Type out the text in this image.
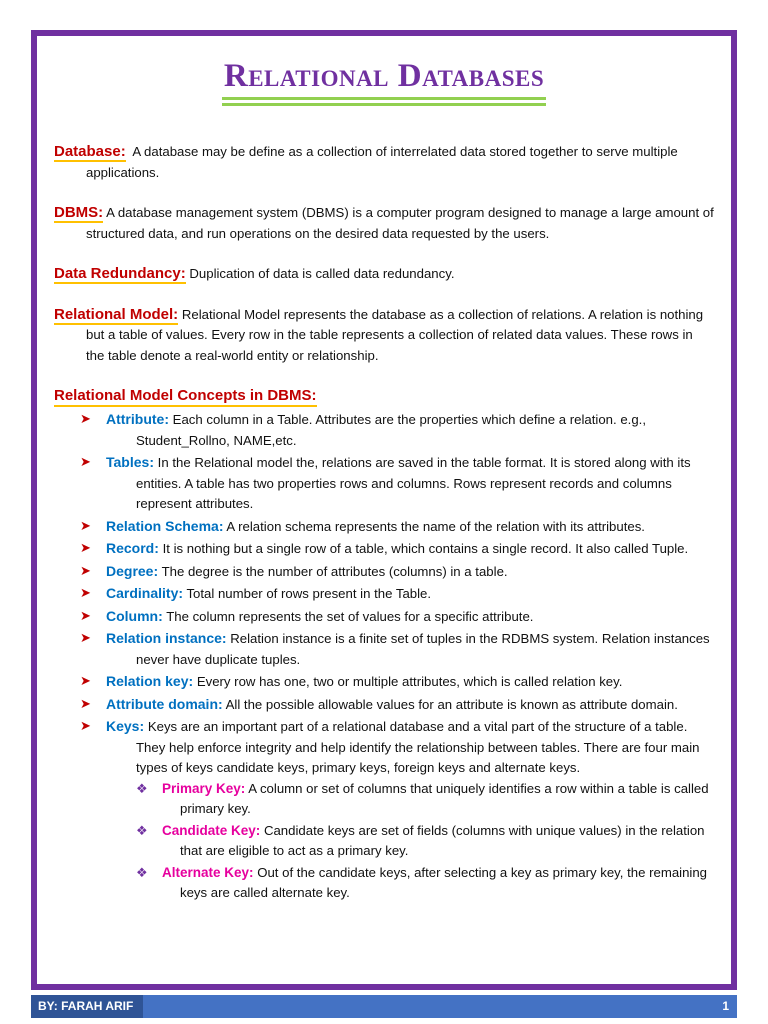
Relational Databases

Database: A database may be define as a collection of interrelated data stored together to serve multiple applications.

DBMS: A database management system (DBMS) is a computer program designed to manage a large amount of structured data, and run operations on the desired data requested by the users.

Data Redundancy: Duplication of data is called data redundancy.

Relational Model: Relational Model represents the database as a collection of relations. A relation is nothing but a table of values. Every row in the table represents a collection of related data values. These rows in the table denote a real-world entity or relationship.

Relational Model Concepts in DBMS:
➤ Attribute: Each column in a Table. Attributes are the properties which define a relation. e.g., Student_Rollno, NAME,etc.
➤ Tables: In the Relational model the, relations are saved in the table format. It is stored along with its entities. A table has two properties rows and columns. Rows represent records and columns represent attributes.
➤ Relation Schema: A relation schema represents the name of the relation with its attributes.
➤ Record: It is nothing but a single row of a table, which contains a single record. It also called Tuple.
➤ Degree: The degree is the number of attributes (columns) in a table.
➤ Cardinality: Total number of rows present in the Table.
➤ Column: The column represents the set of values for a specific attribute.
➤ Relation instance: Relation instance is a finite set of tuples in the RDBMS system. Relation instances never have duplicate tuples.
➤ Relation key: Every row has one, two or multiple attributes, which is called relation key.
➤ Attribute domain: All the possible allowable values for an attribute is known as attribute domain.
➤ Keys: Keys are an important part of a relational database and a vital part of the structure of a table. They help enforce integrity and help identify the relationship between tables. There are four main types of keys candidate keys, primary keys, foreign keys and alternate keys.
❖ Primary Key: A column or set of columns that uniquely identifies a row within a table is called primary key.
❖ Candidate Key: Candidate keys are set of fields (columns with unique values) in the relation that are eligible to act as a primary key.
❖ Alternate Key: Out of the candidate keys, after selecting a key as primary key, the remaining keys are called alternate key.
BY: FARAH ARIF	1
